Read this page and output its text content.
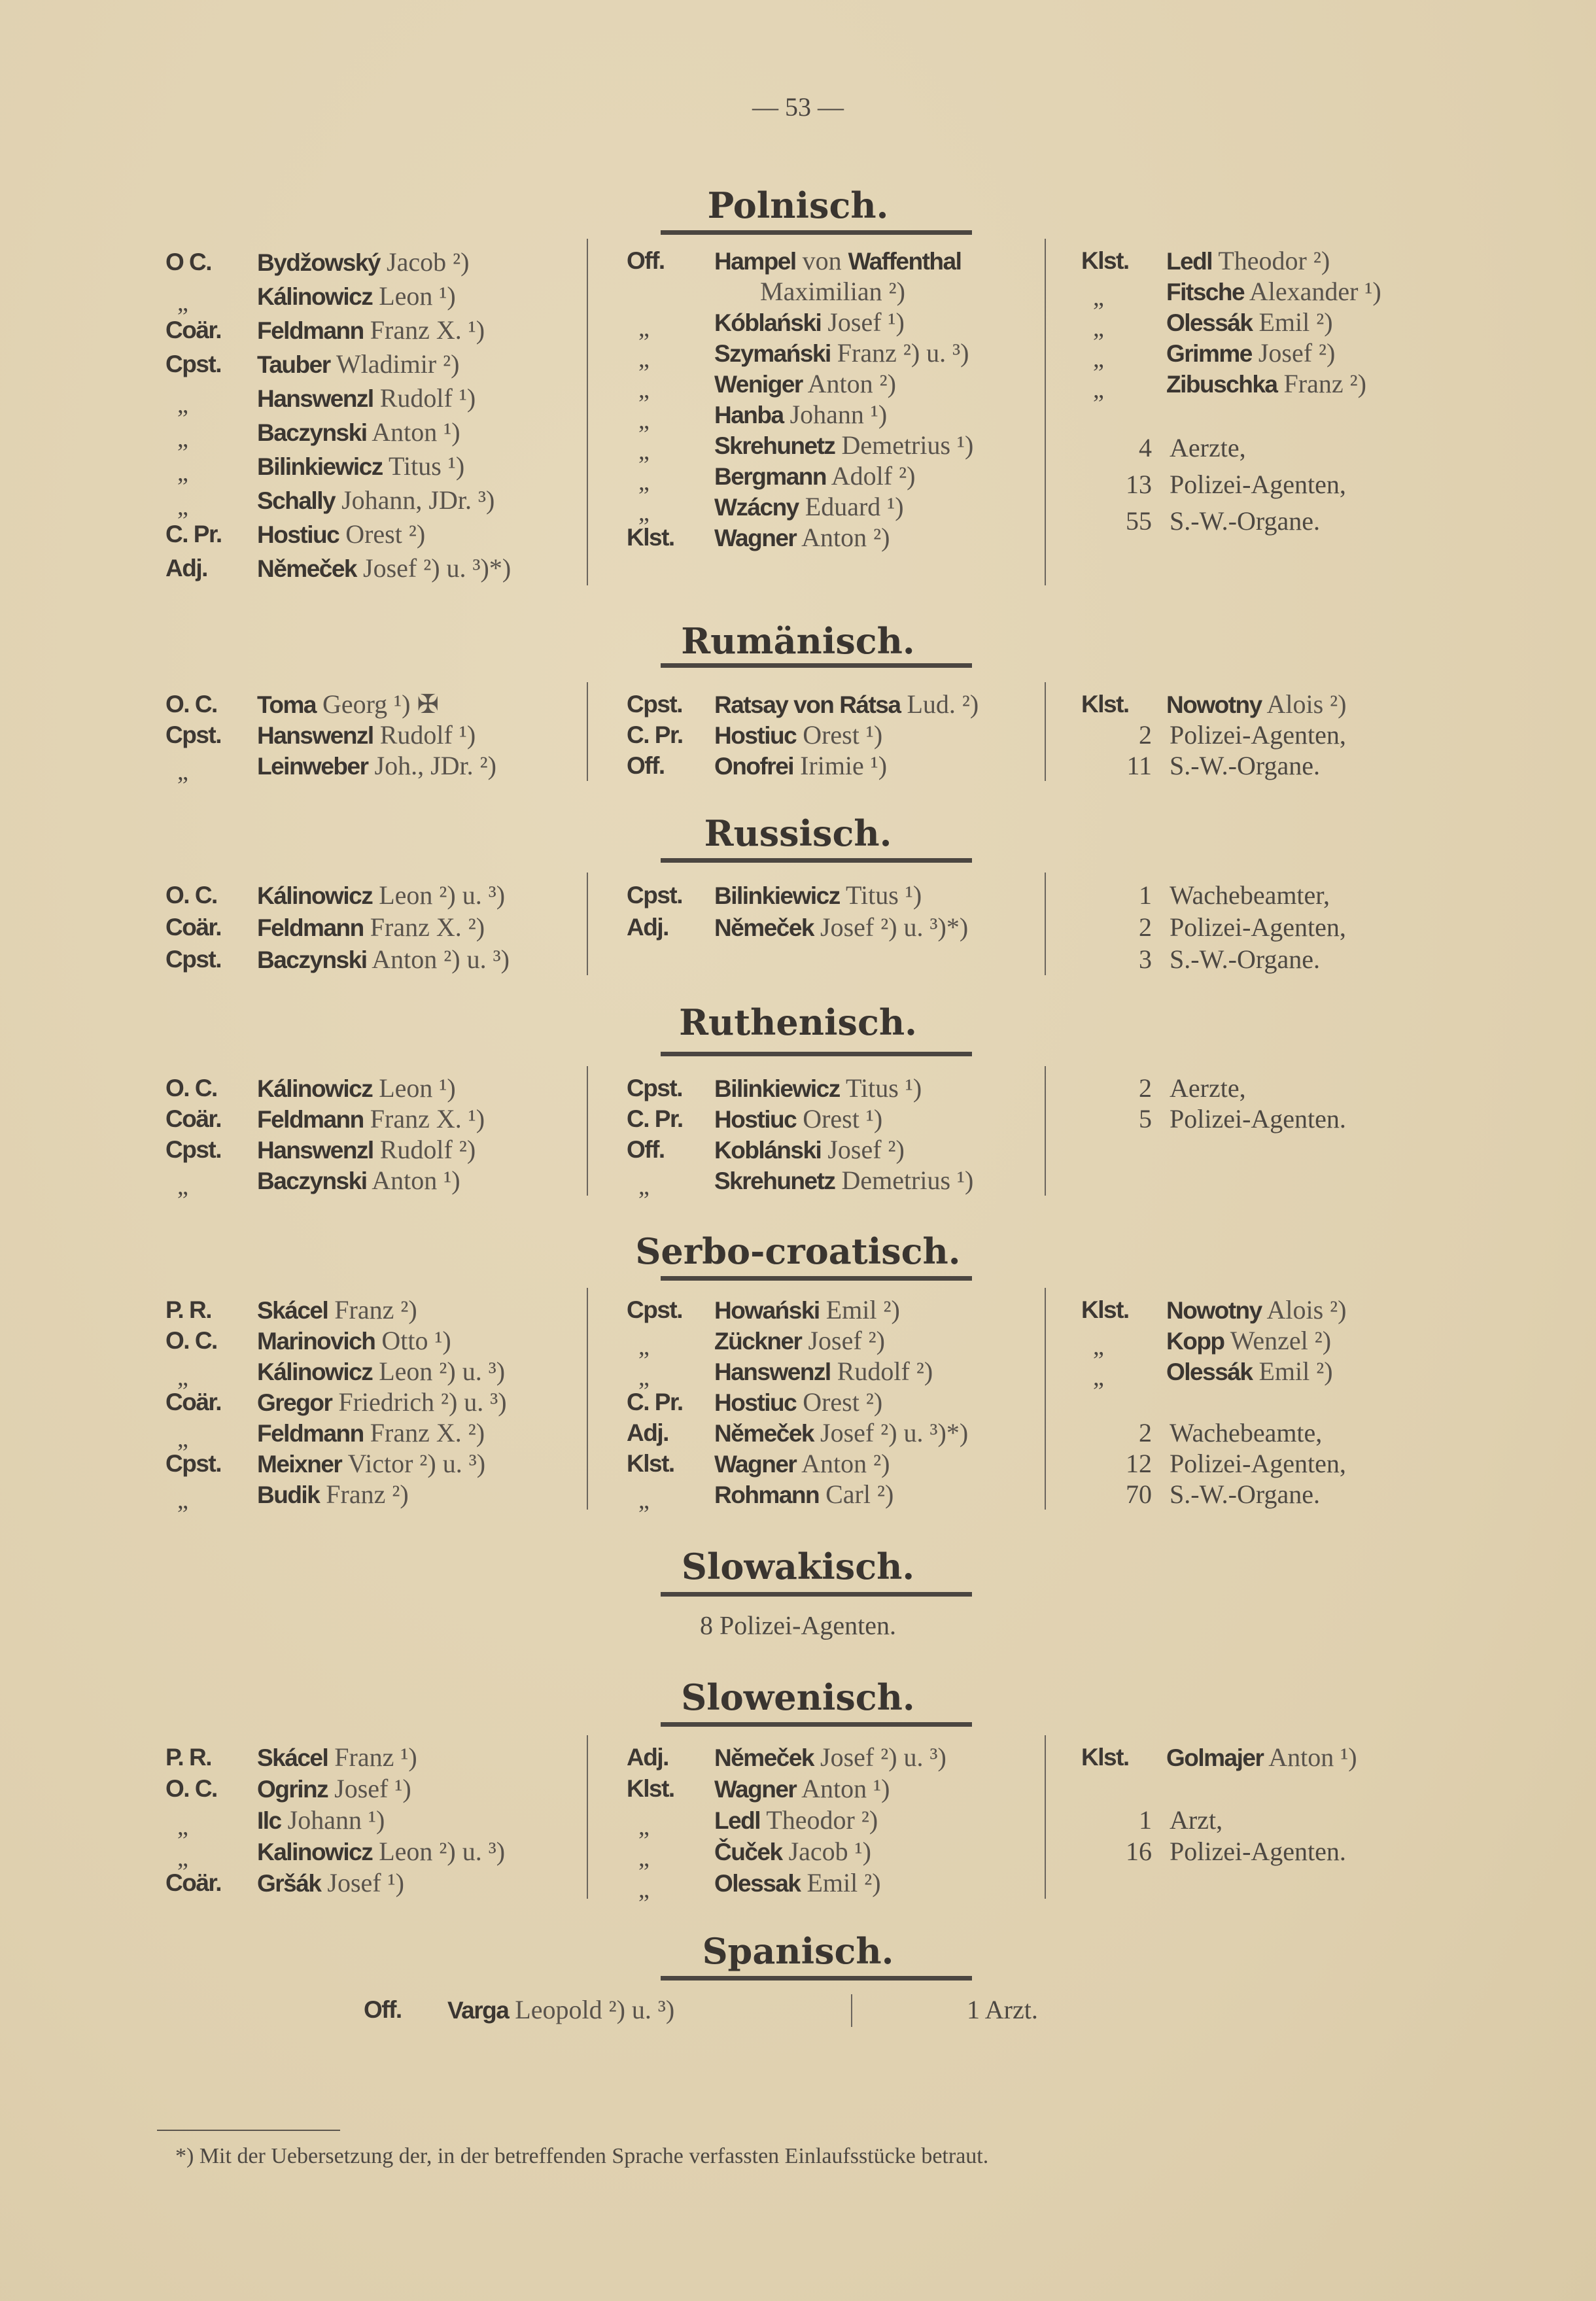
— 53 —
Polnisch.
O C. Bydžowský Jacob ²)
„	Kálinowicz Leon ¹)
Coär. Feldmann Franz X. ¹)
Cpst. Tauber Wladimir ²)
„	Hanswenzl Rudolf ¹)
„	Baczynski Anton ¹)
„	Bilinkiewicz Titus ¹)
„	Schally Johann, JDr. ³)
C. Pr. Hostiuc Orest ²)
Adj. Němeček Josef ²) u. ³)*)
Off. Hampel von Waffenthal
Maximilian ²)
„	Kóblański Josef ¹)
„	Szymański Franz ²) u. ³)
„	Weniger Anton ²)
„	Hanba Johann ¹)
„	Skrehunetz Demetrius ¹)
„	Bergmann Adolf ²)
„	Wzácny Eduard ¹)
Klst. Wagner Anton ²)
Klst. Ledl Theodor ²)
„	Fitsche Alexander ¹)
„	Olessák Emil ²)
„	Grimme Josef ²)
„	Zibuschka Franz ²)
4 Aerzte,
13 Polizei-Agenten,
55 S.-W.-Organe.
Rumänisch.
O. C. Toma Georg ¹) ✠
Cpst. Hanswenzl Rudolf ¹)
„	Leinweber Joh., JDr. ²)
Cpst. Ratsay von Rátsa Lud. ²)
C. Pr. Hostiuc Orest ¹)
Off. Onofrei Irimie ¹)
Klst. Nowotny Alois ²)
2 Polizei-Agenten,
11 S.-W.-Organe.
Russisch.
O. C. Kálinowicz Leon ²) u. ³)
Coär. Feldmann Franz X. ²)
Cpst. Baczynski Anton ²) u. ³)
Cpst. Bilinkiewicz Titus ¹)
Adj. Němeček Josef ²) u. ³)*)
1 Wachebeamter,
2 Polizei-Agenten,
3 S.-W.-Organe.
Ruthenisch.
O. C. Kálinowicz Leon ¹)
Coär. Feldmann Franz X. ¹)
Cpst. Hanswenzl Rudolf ²)
„	Baczynski Anton ¹)
Cpst. Bilinkiewicz Titus ¹)
C. Pr. Hostiuc Orest ¹)
Off. Koblánski Josef ²)
„	Skrehunetz Demetrius ¹)
2 Aerzte,
5 Polizei-Agenten.
Serbo-croatisch.
P. R. Skácel Franz ²)
O. C. Marinovich Otto ¹)
„	Kálinowicz Leon ²) u. ³)
Coär. Gregor Friedrich ²) u. ³)
„	Feldmann Franz X. ²)
Cpst. Meixner Victor ²) u. ³)
„	Budik Franz ²)
Cpst. Howański Emil ²)
„	Zückner Josef ²)
„	Hanswenzl Rudolf ²)
C. Pr. Hostiuc Orest ²)
Adj. Němeček Josef ²) u. ³)*)
Klst. Wagner Anton ²)
„	Rohmann Carl ²)
Klst. Nowotny Alois ²)
„	Kopp Wenzel ²)
„	Olessák Emil ²)
2 Wachebeamte,
12 Polizei-Agenten,
70 S.-W.-Organe.
Slowakisch.
8 Polizei-Agenten.
Slowenisch.
P. R. Skácel Franz ¹)
O. C. Ogrinz Josef ¹)
„	Ilc Johann ¹)
„	Kalinowicz Leon ²) u. ³)
Coär. Gršák Josef ¹)
Adj. Němeček Josef ²) u. ³)
Klst. Wagner Anton ¹)
„	Ledl Theodor ²)
„	Čuček Jacob ¹)
„	Olessak Emil ²)
Klst. Golmajer Anton ¹)
1 Arzt,
16 Polizei-Agenten.
Spanisch.
Off. Varga Leopold ²) u. ³)	1 Arzt.
*) Mit der Uebersetzung der, in der betreffenden Sprache verfassten Einlaufsstücke betraut.
